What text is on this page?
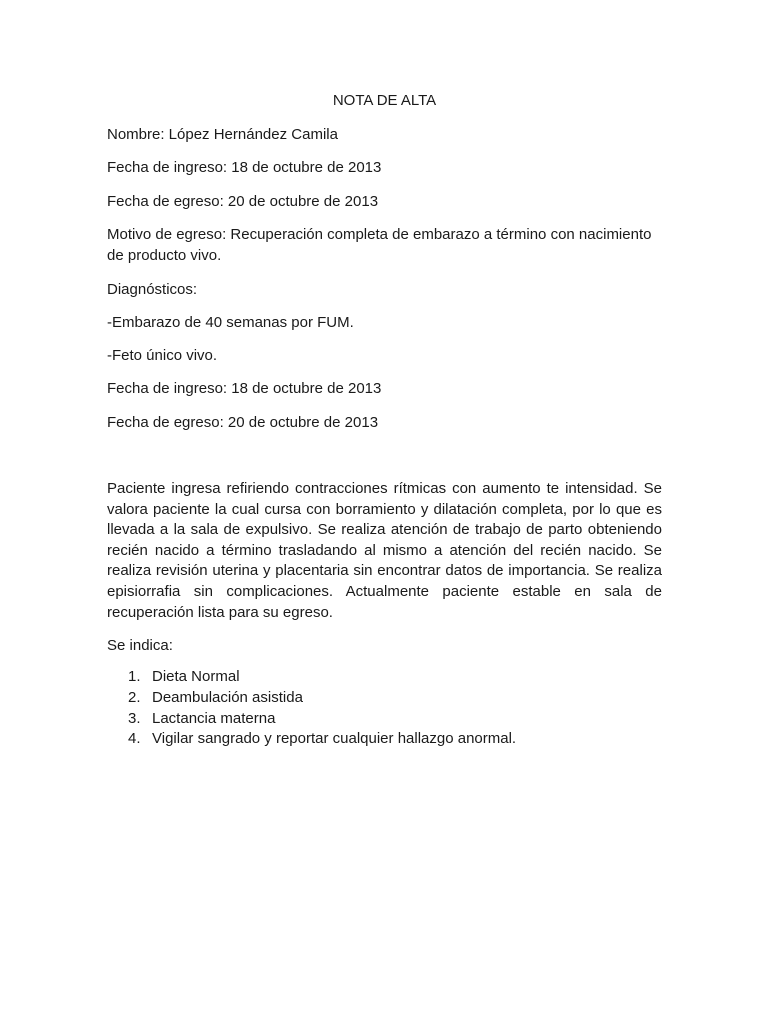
NOTA DE ALTA
Nombre: López Hernández Camila
Fecha de ingreso: 18 de octubre de 2013
Fecha de egreso: 20 de octubre de 2013
Motivo de egreso: Recuperación completa de embarazo a término con nacimiento
de producto vivo.
Diagnósticos:
-Embarazo de 40 semanas por FUM.
-Feto único vivo.
Fecha de ingreso: 18 de octubre de 2013
Fecha de egreso: 20 de octubre de 2013
Paciente ingresa refiriendo contracciones rítmicas con aumento te intensidad. Se valora paciente la cual cursa con borramiento y dilatación completa, por lo que es llevada a la sala de expulsivo. Se realiza atención de trabajo de parto obteniendo recién nacido a término trasladando al mismo a atención del recién nacido. Se realiza revisión uterina y placentaria sin encontrar datos de importancia. Se realiza episiorrafia sin complicaciones. Actualmente paciente estable en sala de recuperación lista para su egreso.
Se indica:
1. Dieta Normal
2. Deambulación asistida
3. Lactancia materna
4. Vigilar sangrado y reportar cualquier hallazgo anormal.
